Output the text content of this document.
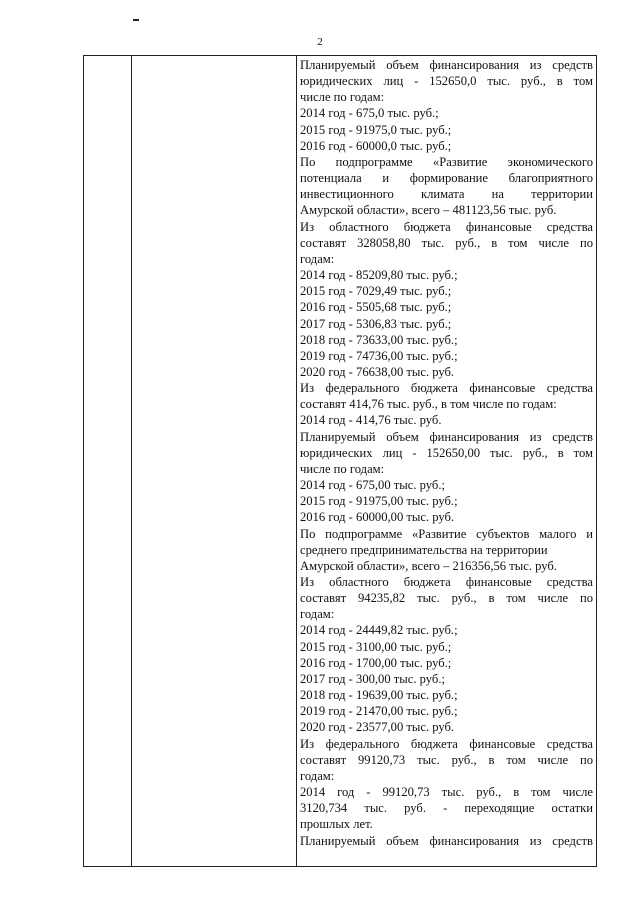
2
Планируемый объем финансирования из средств
юридических лиц - 152650,0 тыс. руб., в том
числе по годам:
2014 год - 675,0 тыс. руб.;
2015 год - 91975,0 тыс. руб.;
2016 год - 60000,0 тыс. руб.;
По подпрограмме «Развитие экономического
потенциала и формирование благоприятного
инвестиционного климата на территории
Амурской области», всего – 481123,56 тыс. руб.
Из областного бюджета финансовые средства
составят 328058,80 тыс. руб., в том числе по
годам:
2014 год - 85209,80 тыс. руб.;
2015 год - 7029,49 тыс. руб.;
2016 год - 5505,68 тыс. руб.;
2017 год - 5306,83 тыс. руб.;
2018 год - 73633,00 тыс. руб.;
2019 год - 74736,00 тыс. руб.;
2020 год - 76638,00 тыс. руб.
Из федерального бюджета финансовые средства
составят 414,76 тыс. руб., в том числе по годам:
2014 год - 414,76 тыс. руб.
Планируемый объем финансирования из средств
юридических лиц - 152650,00 тыс. руб., в том
числе по годам:
2014 год - 675,00 тыс. руб.;
2015 год - 91975,00 тыс. руб.;
2016 год - 60000,00 тыс. руб.
По подпрограмме «Развитие субъектов малого и
среднего предпринимательства на территории
Амурской области», всего – 216356,56 тыс. руб.
Из областного бюджета финансовые средства
составят 94235,82 тыс. руб., в том числе по
годам:
2014 год - 24449,82 тыс. руб.;
2015 год - 3100,00 тыс. руб.;
2016 год - 1700,00 тыс. руб.;
2017 год - 300,00 тыс. руб.;
2018 год - 19639,00 тыс. руб.;
2019 год - 21470,00 тыс. руб.;
2020 год - 23577,00 тыс. руб.
Из федерального бюджета финансовые средства
составят 99120,73 тыс. руб., в том числе по
годам:
2014 год - 99120,73 тыс. руб., в том числе
3120,734 тыс. руб. - переходящие остатки
прошлых лет.
Планируемый объем финансирования из средств
